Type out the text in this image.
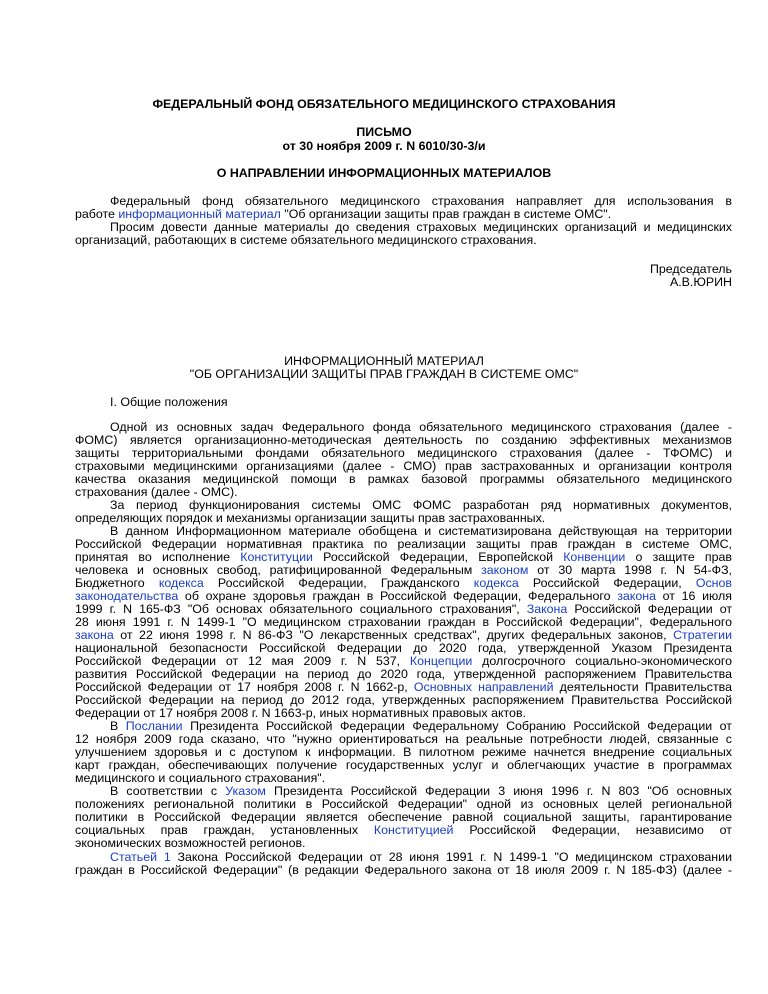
ФЕДЕРАЛЬНЫЙ ФОНД ОБЯЗАТЕЛЬНОГО МЕДИЦИНСКОГО СТРАХОВАНИЯ
ПИСЬМО
от 30 ноября 2009 г. N 6010/30-3/и
О НАПРАВЛЕНИИ ИНФОРМАЦИОННЫХ МАТЕРИАЛОВ
Федеральный фонд обязательного медицинского страхования направляет для использования в
работе информационный материал "Об организации защиты прав граждан в системе ОМС".
Просим довести данные материалы до сведения страховых медицинских организаций и медицинских
организаций, работающих в системе обязательного медицинского страхования.
Председатель
А.В.ЮРИН
ИНФОРМАЦИОННЫЙ МАТЕРИАЛ
"ОБ ОРГАНИЗАЦИИ ЗАЩИТЫ ПРАВ ГРАЖДАН В СИСТЕМЕ ОМС"
I. Общие положения
Одной из основных задач Федерального фонда обязательного медицинского страхования (далее -
ФОМС) является организационно-методическая деятельность по созданию эффективных механизмов
защиты территориальными фондами обязательного медицинского страхования (далее - ТФОМС) и
страховыми медицинскими организациями (далее - СМО) прав застрахованных и организации контроля
качества оказания медицинской помощи в рамках базовой программы обязательного медицинского
страхования (далее - ОМС).
За период функционирования системы ОМС ФОМС разработан ряд нормативных документов,
определяющих порядок и механизмы организации защиты прав застрахованных.
В данном Информационном материале обобщена и систематизирована действующая на территории
Российской Федерации нормативная практика по реализации защиты прав граждан в системе ОМС,
принятая во исполнение Конституции Российской Федерации, Европейской Конвенции о защите прав
человека и основных свобод, ратифицированной Федеральным законом от 30 марта 1998 г. N 54-ФЗ,
Бюджетного кодекса Российской Федерации, Гражданского кодекса Российской Федерации, Основ
законодательства об охране здоровья граждан в Российской Федерации, Федерального закона от 16 июля
1999 г. N 165-ФЗ "Об основах обязательного социального страхования", Закона Российской Федерации от
28 июня 1991 г. N 1499-1 "О медицинском страховании граждан в Российской Федерации", Федерального
закона от 22 июня 1998 г. N 86-ФЗ "О лекарственных средствах", других федеральных законов, Стратегии
национальной безопасности Российской Федерации до 2020 года, утвержденной Указом Президента
Российской Федерации от 12 мая 2009 г. N 537, Концепции долгосрочного социально-экономического
развития Российской Федерации на период до 2020 года, утвержденной распоряжением Правительства
Российской Федерации от 17 ноября 2008 г. N 1662-р, Основных направлений деятельности Правительства
Российской Федерации на период до 2012 года, утвержденных распоряжением Правительства Российской
Федерации от 17 ноября 2008 г. N 1663-р, иных нормативных правовых актов.
В Послании Президента Российской Федерации Федеральному Собранию Российской Федерации от
12 ноября 2009 года сказано, что "нужно ориентироваться на реальные потребности людей, связанные с
улучшением здоровья и с доступом к информации. В пилотном режиме начнется внедрение социальных
карт граждан, обеспечивающих получение государственных услуг и облегчающих участие в программах
медицинского и социального страхования".
В соответствии с Указом Президента Российской Федерации 3 июня 1996 г. N 803 "Об основных
положениях региональной политики в Российской Федерации" одной из основных целей региональной
политики в Российской Федерации является обеспечение равной социальной защиты, гарантирование
социальных прав граждан, установленных Конституцией Российской Федерации, независимо от
экономических возможностей регионов.
Статьей 1 Закона Российской Федерации от 28 июня 1991 г. N 1499-1 "О медицинском страховании
граждан в Российской Федерации" (в редакции Федерального закона от 18 июля 2009 г. N 185-ФЗ) (далее -
